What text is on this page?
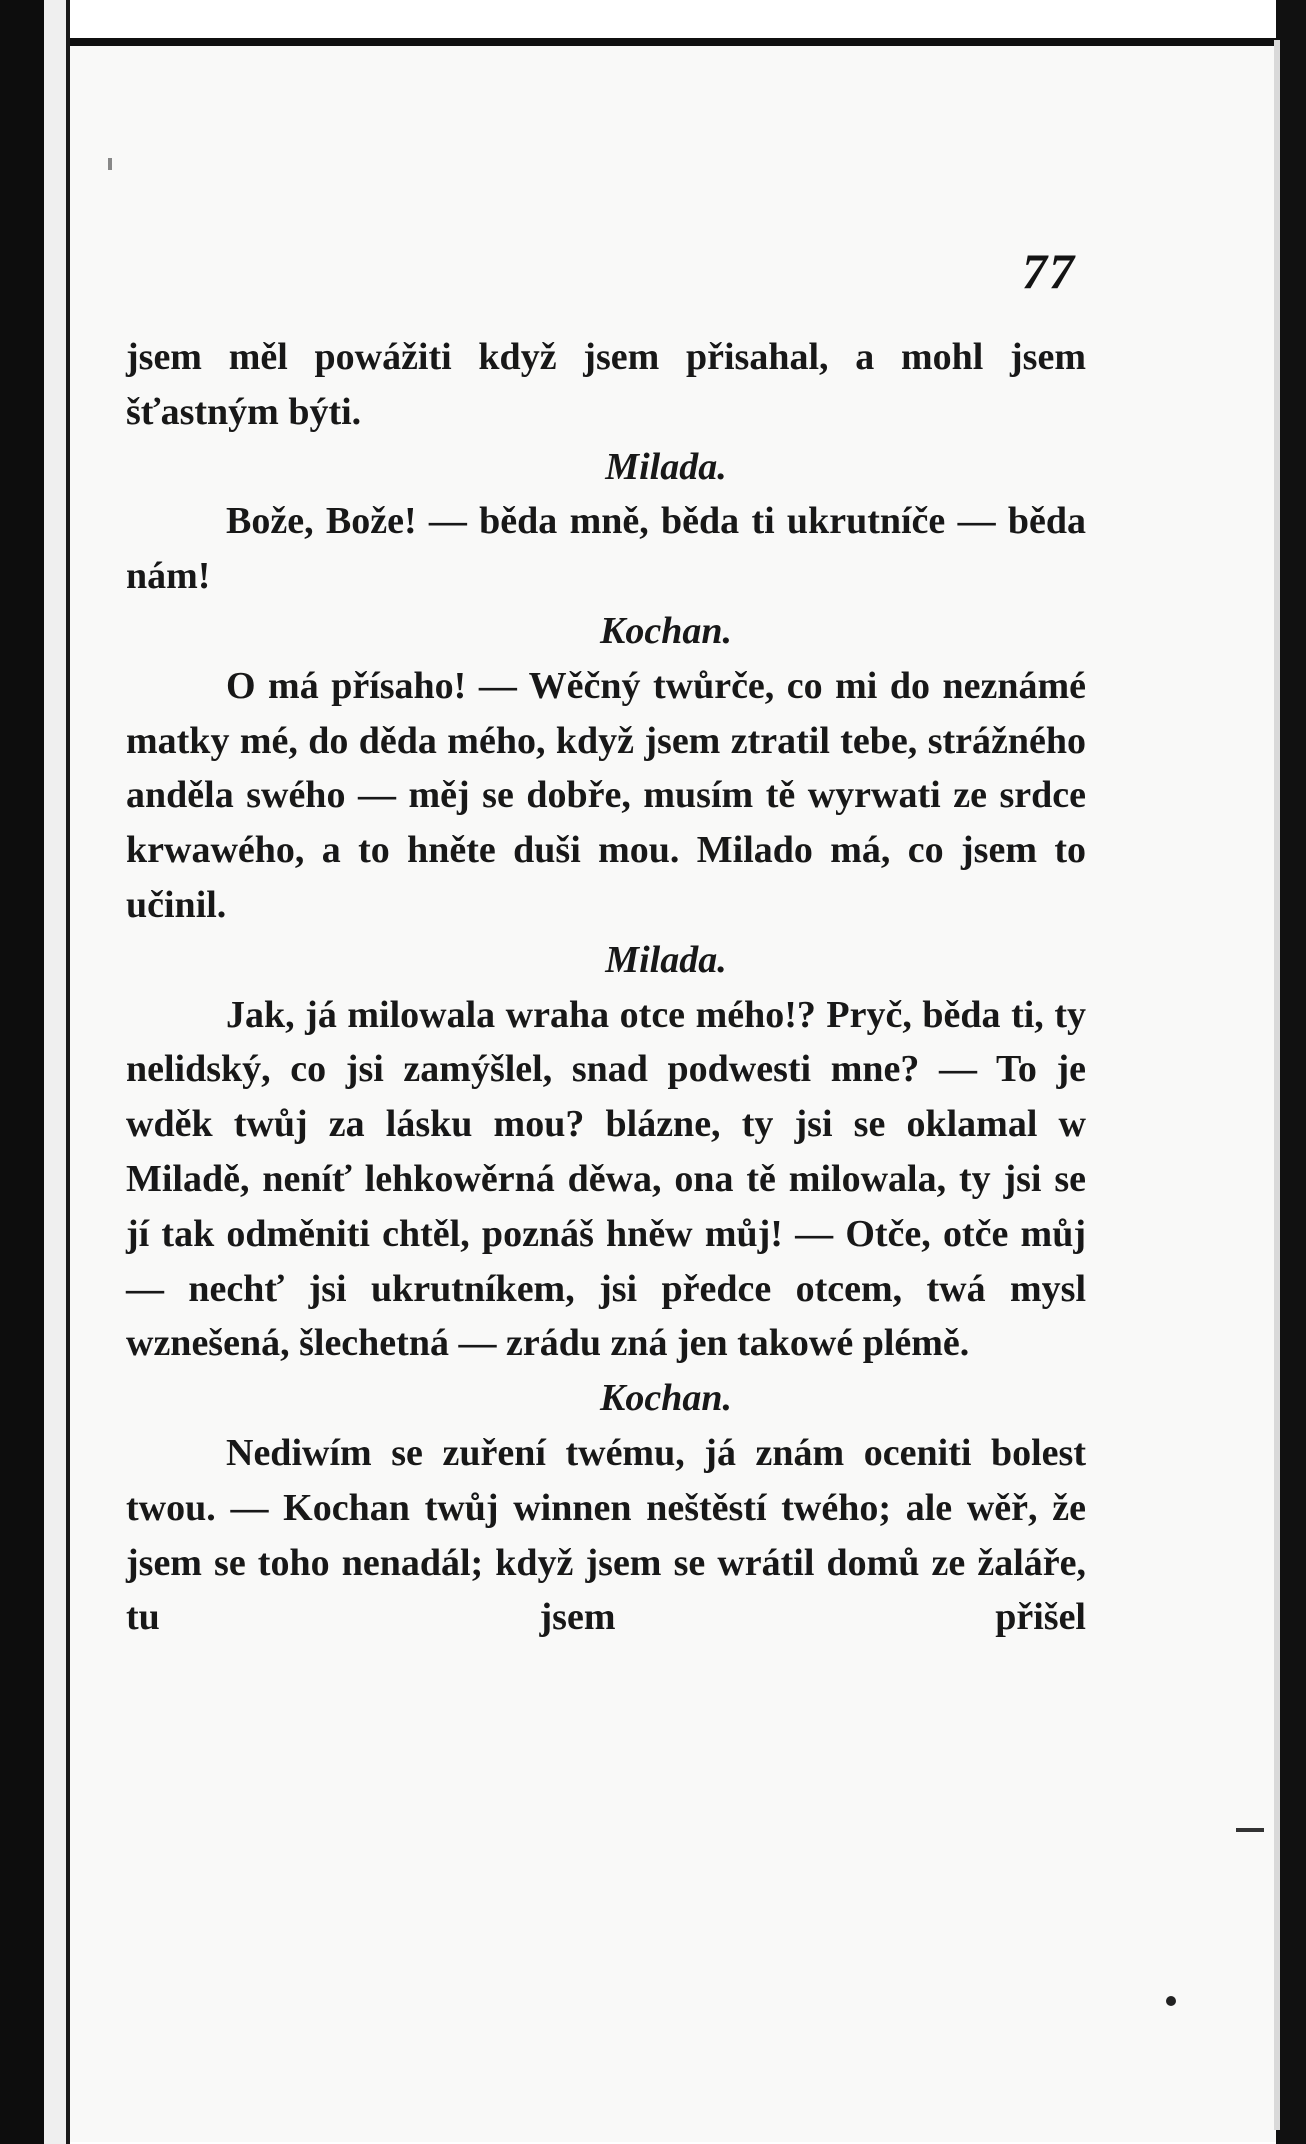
77

jsem měl powážiti když jsem přisahal, a mohl jsem šťastným býti.

Milada.

Bože, Bože! — běda mně, běda ti ukrutníče — běda nám!

Kochan.

O má přísaho! — Wěčný twůrče, co mi do neznámé matky mé, do děda mého, když jsem ztratil tebe, strážného anděla swého — měj se dobře, musím tě wyrwati ze srdce krwawého, a to hněte duši mou. Milado má, co jsem to učinil.

Milada.

Jak, já milowala wraha otce mého!? Pryč, běda ti, ty nelidský, co jsi zamýšlel, snad podwesti mne? — To je wděk twůj za lásku mou? blázne, ty jsi se oklamal w Miladě, neníť lehkowěrná děwa, ona tě milowala, ty jsi se jí tak odměniti chtěl, poznáš hněw můj! — Otče, otče můj — nechť jsi ukrutníkem, jsi předce otcem, twá mysl wznešená, šlechetná — zrádu zná jen takowé plémě.

Kochan.

Nediwím se zuření twému, já znám oceniti bolest twou. — Kochan twůj winnen neštěstí twého; ale wěř, že jsem se toho nenadál; když jsem se wrátil domů ze žaláře, tu jsem přišel
